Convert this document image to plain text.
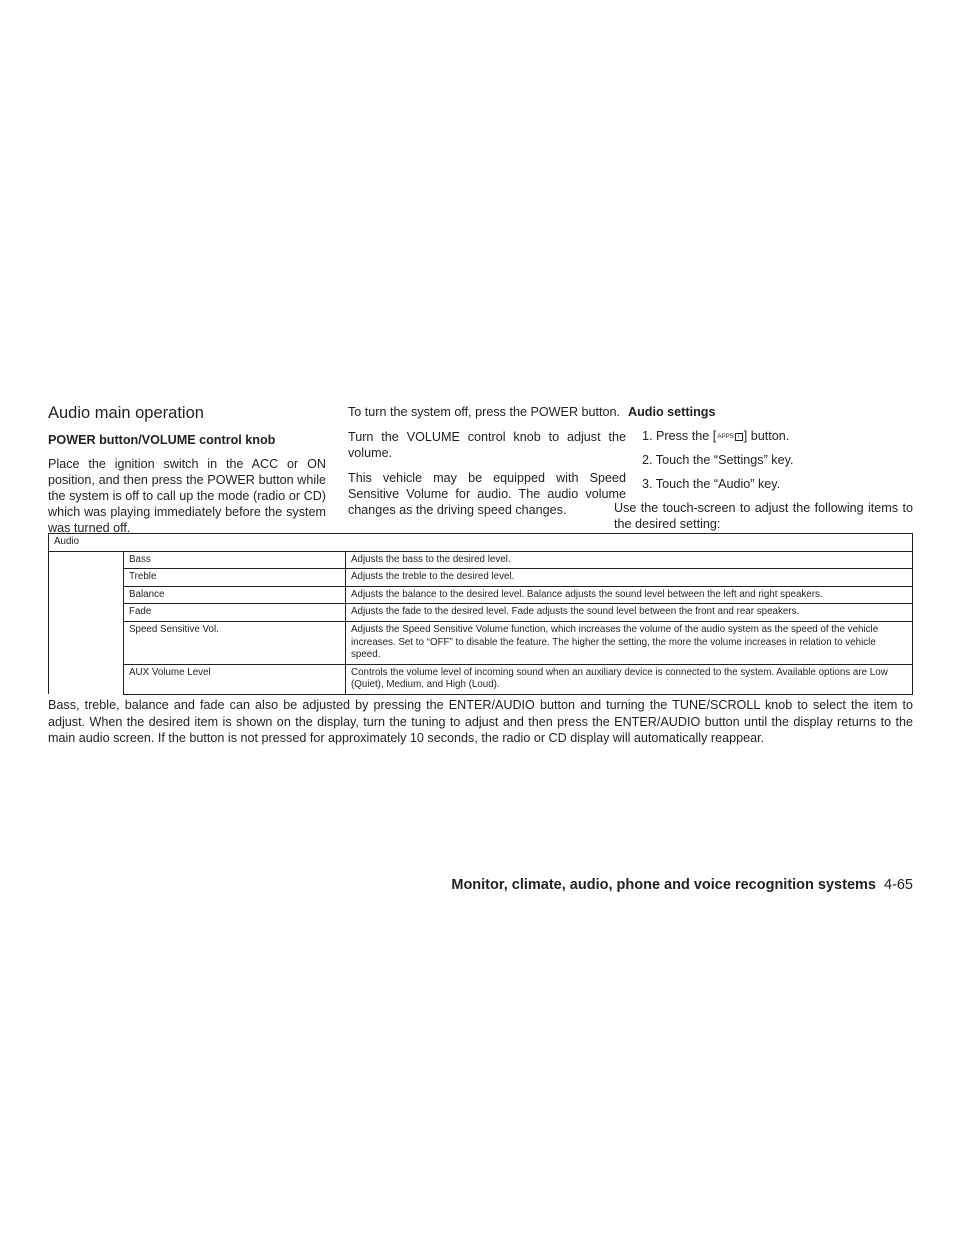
Audio main operation
POWER button/VOLUME control knob

Place the ignition switch in the ACC or ON position, and then press the POWER button while the system is off to call up the mode (radio or CD) which was playing immediately before the system was turned off.

To turn the system off, press the POWER button.

Turn the VOLUME control knob to adjust the volume.

This vehicle may be equipped with Speed Sensitive Volume for audio. The audio volume changes as the driving speed changes.

Audio settings
1. Press the [APPS i ] button.
2. Touch the “Settings” key.
3. Touch the “Audio” key.

Use the touch-screen to adjust the following items to the desired setting:

Audio		
	Bass	Adjusts the bass to the desired level.
	Treble	Adjusts the treble to the desired level.
	Balance	Adjusts the balance to the desired level. Balance adjusts the sound level between the left and right speakers.
	Fade	Adjusts the fade to the desired level. Fade adjusts the sound level between the front and rear speakers.
	Speed Sensitive Vol.	Adjusts the Speed Sensitive Volume function, which increases the volume of the audio system as the speed of the vehicle increases. Set to “OFF” to disable the feature. The higher the setting, the more the volume increases in relation to vehicle speed.
	AUX Volume Level	Controls the volume level of incoming sound when an auxiliary device is connected to the system. Available options are Low (Quiet), Medium, and High (Loud).

Bass, treble, balance and fade can also be adjusted by pressing the ENTER/AUDIO button and turning the TUNE/SCROLL knob to select the item to adjust. When the desired item is shown on the display, turn the tuning to adjust and then press the ENTER/AUDIO button until the display returns to the main audio screen. If the button is not pressed for approximately 10 seconds, the radio or CD display will automatically reappear.

Monitor, climate, audio, phone and voice recognition systems 4-65
